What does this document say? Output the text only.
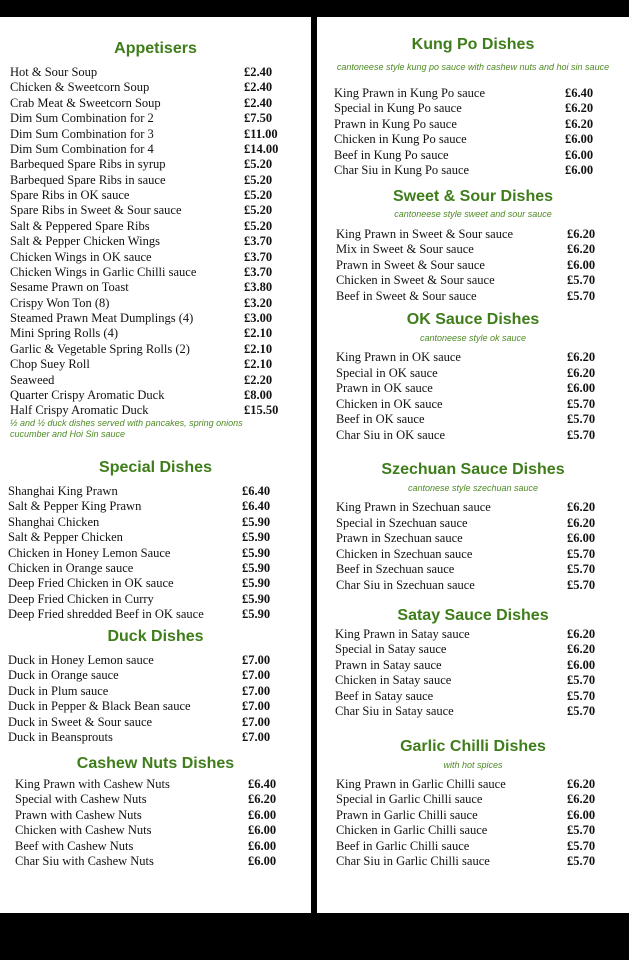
Appetisers
Hot & Sour Soup	£2.40
Chicken & Sweetcorn Soup	£2.40
Crab Meat & Sweetcorn Soup	£2.40
Dim Sum Combination for 2	£7.50
Dim Sum Combination for 3	£11.00
Dim Sum Combination for 4	£14.00
Barbequed Spare Ribs in syrup	£5.20
Barbequed Spare Ribs in sauce	£5.20
Spare Ribs in OK sauce	£5.20
Spare Ribs in Sweet & Sour sauce	£5.20
Salt & Peppered Spare Ribs	£5.20
Salt & Pepper Chicken Wings	£3.70
Chicken Wings in OK sauce	£3.70
Chicken Wings in Garlic Chilli sauce	£3.70
Sesame Prawn on Toast	£3.80
Crispy Won Ton (8)	£3.20
Steamed Prawn Meat Dumplings (4)	£3.00
Mini Spring Rolls (4)	£2.10
Garlic & Vegetable Spring Rolls (2)	£2.10
Chop Suey Roll	£2.10
Seaweed	£2.20
Quarter Crispy Aromatic Duck	£8.00
Half Crispy Aromatic Duck	£15.50
½ and ½ duck dishes served with pancakes, spring onions cucumber and Hoi Sin sauce
Special Dishes
Shanghai King Prawn	£6.40
Salt & Pepper King Prawn	£6.40
Shanghai Chicken	£5.90
Salt & Pepper Chicken	£5.90
Chicken in Honey Lemon Sauce	£5.90
Chicken in Orange sauce	£5.90
Deep Fried Chicken in OK sauce	£5.90
Deep Fried Chicken in Curry	£5.90
Deep Fried shredded Beef in OK sauce	£5.90
Duck Dishes
Duck in Honey Lemon sauce	£7.00
Duck in Orange sauce	£7.00
Duck in Plum sauce	£7.00
Duck in Pepper & Black Bean sauce	£7.00
Duck in Sweet & Sour sauce	£7.00
Duck in Beansprouts	£7.00
Cashew Nuts Dishes
King Prawn with Cashew Nuts	£6.40
Special with Cashew Nuts	£6.20
Prawn with Cashew Nuts	£6.00
Chicken with Cashew Nuts	£6.00
Beef with Cashew Nuts	£6.00
Char Siu with Cashew Nuts	£6.00
Kung Po Dishes
cantoneese style kung po sauce with cashew nuts and hoi sin sauce
King Prawn in Kung Po sauce	£6.40
Special in Kung Po sauce	£6.20
Prawn in Kung Po sauce	£6.20
Chicken in Kung Po sauce	£6.00
Beef in Kung Po sauce	£6.00
Char Siu in Kung Po sauce	£6.00
Sweet & Sour Dishes
cantoneese style sweet and sour sauce
King Prawn in Sweet & Sour sauce	£6.20
Mix in Sweet & Sour sauce	£6.20
Prawn in Sweet & Sour sauce	£6.00
Chicken in Sweet & Sour sauce	£5.70
Beef in Sweet & Sour sauce	£5.70
OK Sauce Dishes
cantoneese style ok sauce
King Prawn in OK sauce	£6.20
Special in OK sauce	£6.20
Prawn in OK sauce	£6.00
Chicken in OK sauce	£5.70
Beef in OK sauce	£5.70
Char Siu in OK sauce	£5.70
Szechuan Sauce Dishes
cantonese style szechuan sauce
King Prawn in Szechuan sauce	£6.20
Special in Szechuan sauce	£6.20
Prawn in Szechuan sauce	£6.00
Chicken in Szechuan sauce	£5.70
Beef in Szechuan sauce	£5.70
Char Siu in Szechuan sauce	£5.70
Satay Sauce Dishes
King Prawn in Satay sauce	£6.20
Special in Satay sauce	£6.20
Prawn in Satay sauce	£6.00
Chicken in Satay sauce	£5.70
Beef in Satay sauce	£5.70
Char Siu in Satay sauce	£5.70
Garlic Chilli Dishes
with hot spices
King Prawn in Garlic Chilli sauce	£6.20
Special in Garlic Chilli sauce	£6.20
Prawn in Garlic Chilli sauce	£6.00
Chicken in Garlic Chilli sauce	£5.70
Beef in Garlic Chilli sauce	£5.70
Char Siu in Garlic Chilli sauce	£5.70
